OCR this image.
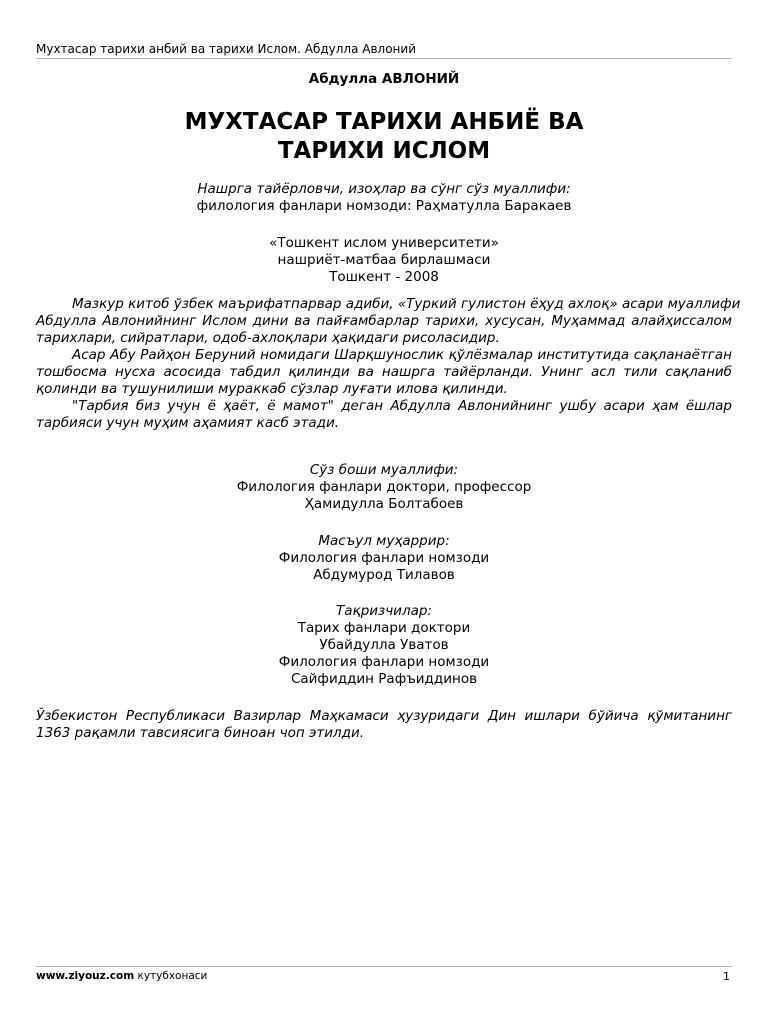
Мухтасар тарихи анбий ва тарихи Ислом. Абдулла Авлоний
Абдулла АВЛОНИЙ
МУХТАСАР ТАРИХИ АНБИЁ ВА
ТАРИХИ ИСЛОМ
Нашрга тайёрловчи, изоҳлар ва сўнг сўз муаллифи:
филология фанлари номзоди: Раҳматулла Баракаев
«Тошкент ислом университети»
нашриёт-матбаа бирлашмаси
Тошкент - 2008
Мазкур китоб ўзбек маърифатпарвар адиби, «Туркий гулистон ёҳуд ахлоқ» асари муаллифи
Абдулла Авлонийнинг Ислом дини ва пайғамбарлар тарихи, хусусан, Муҳаммад алайҳиссалом
тарихлари, сийратлари, одоб-ахлоқлари ҳақидаги рисоласидир.
Асар Абу Райҳон Беруний номидаги Шарқшунослик қўлёзмалар институтида сақланаётган
тошбосма нусха асосида табдил қилинди ва нашрга тайёрланди. Унинг асл тили сақланиб
қолинди ва тушунилиши мураккаб сўзлар луғати илова қилинди.
"Тарбия биз учун ё ҳаёт, ё мамот" деган Абдулла Авлонийнинг ушбу асари ҳам ёшлар
тарбияси учун муҳим аҳамият касб этади.
Сўз боши муаллифи:
Филология фанлари доктори, профессор
Ҳамидулла Болтабоев
Масъул муҳаррир:
Филология фанлари номзоди
Абдумурод Тилавов
Тақризчилар:
Тарих фанлари доктори
Убайдулла Уватов
Филология фанлари номзоди
Сайфиддин Рафъиддинов
Ўзбекистон Республикаси Вазирлар Маҳкамаси ҳузуридаги Дин ишлари бўйича қўмитанинг
1363 рақамли тавсиясига биноан чоп этилди.
www.ziyouz.com кутубхонаси	1
